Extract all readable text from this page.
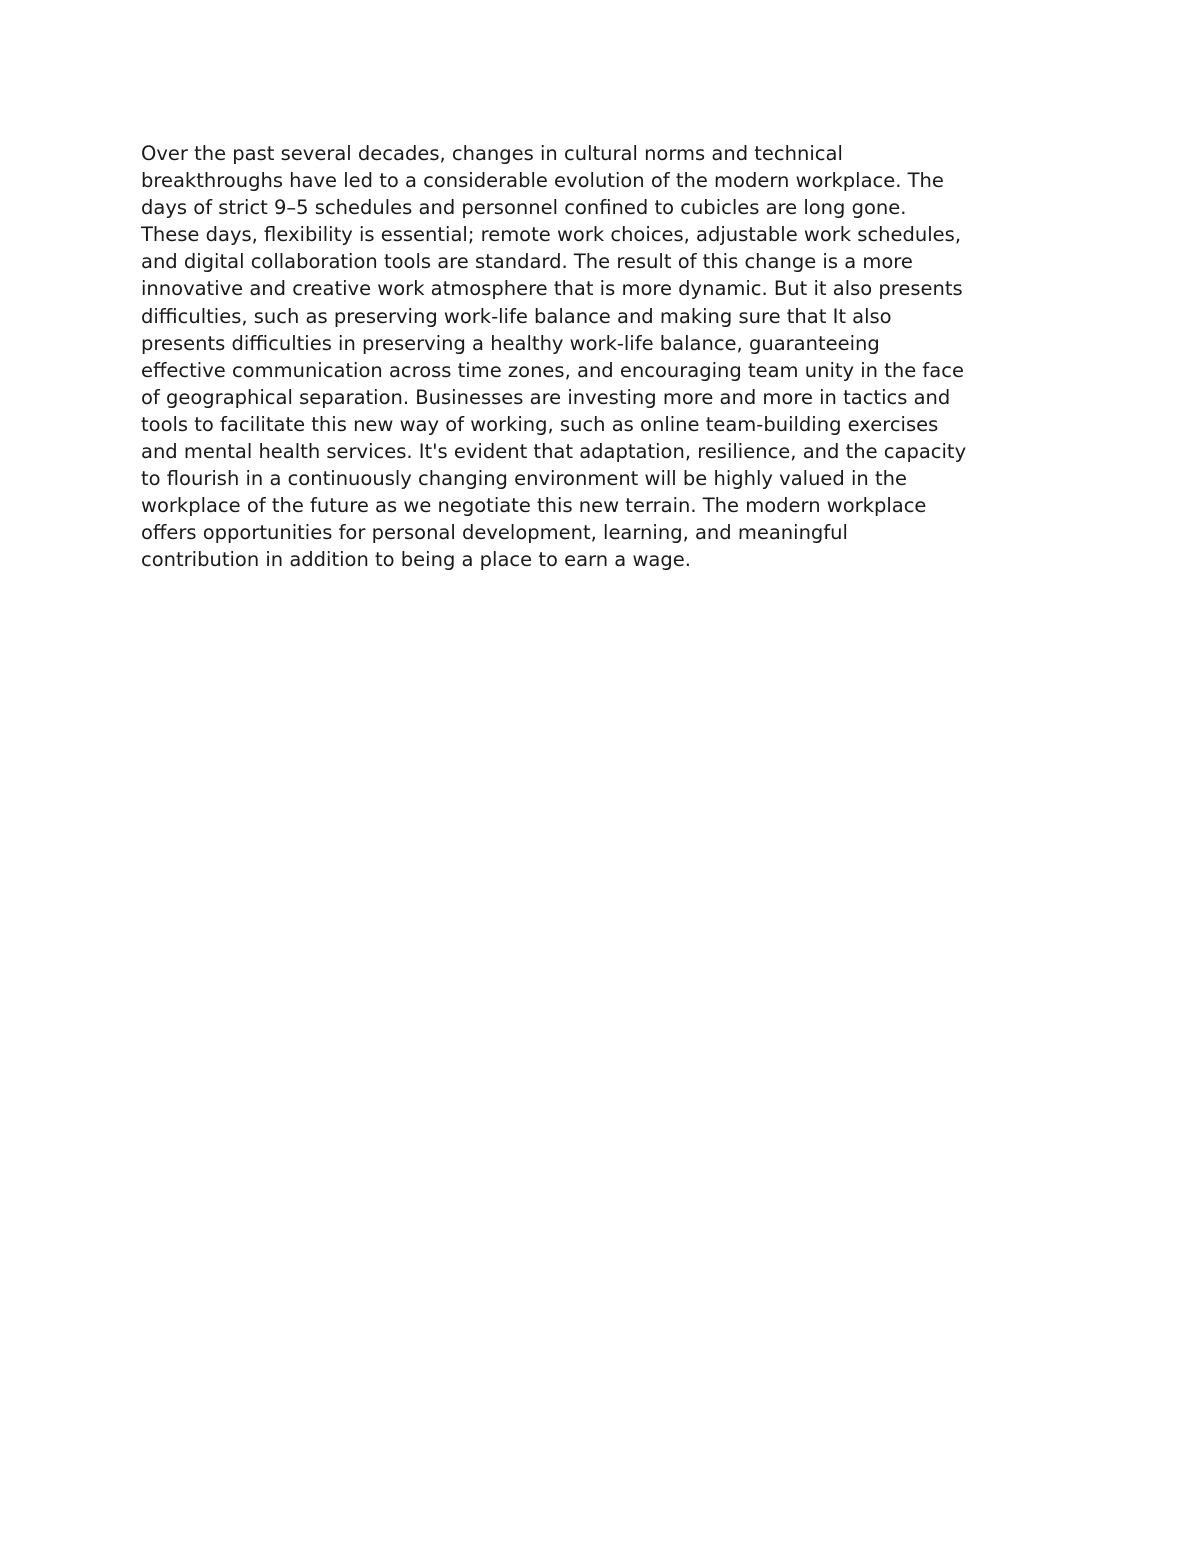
Over the past several decades, changes in cultural norms and technical
breakthroughs have led to a considerable evolution of the modern workplace. The
days of strict 9–5 schedules and personnel confined to cubicles are long gone.
These days, flexibility is essential; remote work choices, adjustable work schedules,
and digital collaboration tools are standard. The result of this change is a more
innovative and creative work atmosphere that is more dynamic. But it also presents
difficulties, such as preserving work-life balance and making sure that It also
presents difficulties in preserving a healthy work-life balance, guaranteeing
effective communication across time zones, and encouraging team unity in the face
of geographical separation. Businesses are investing more and more in tactics and
tools to facilitate this new way of working, such as online team-building exercises
and mental health services. It's evident that adaptation, resilience, and the capacity
to flourish in a continuously changing environment will be highly valued in the
workplace of the future as we negotiate this new terrain. The modern workplace
offers opportunities for personal development, learning, and meaningful
contribution in addition to being a place to earn a wage.
